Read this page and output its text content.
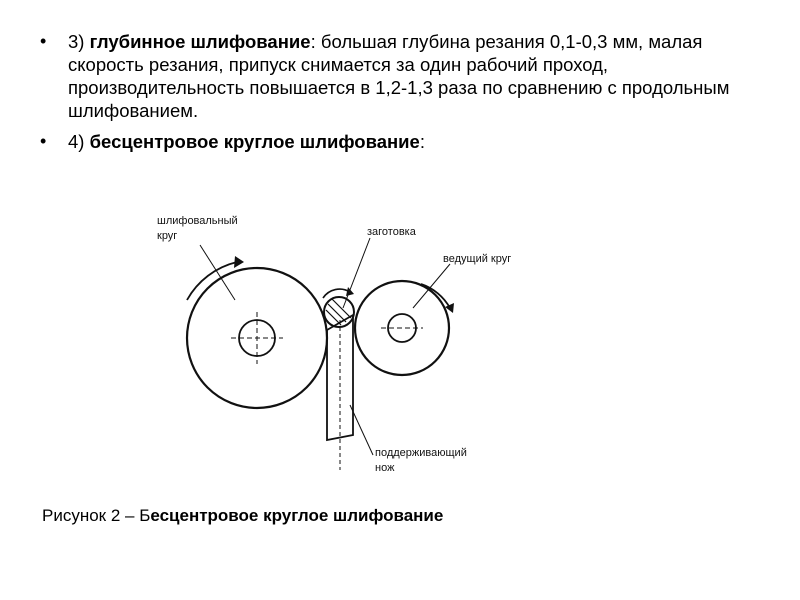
• 3) глубинное шлифование: большая глубина резания 0,1-0,3 мм, малая скорость резания, припуск снимается за один рабочий проход, производительность повышается в 1,2-1,3 раза по сравнению с продольным шлифованием.
• 4) бесцентровое круглое шлифование:
шлифовальный
круг	заготовка
ведущий круг
поддерживающий
нож
Рисунок 2 – Бесцентровое круглое шлифование
